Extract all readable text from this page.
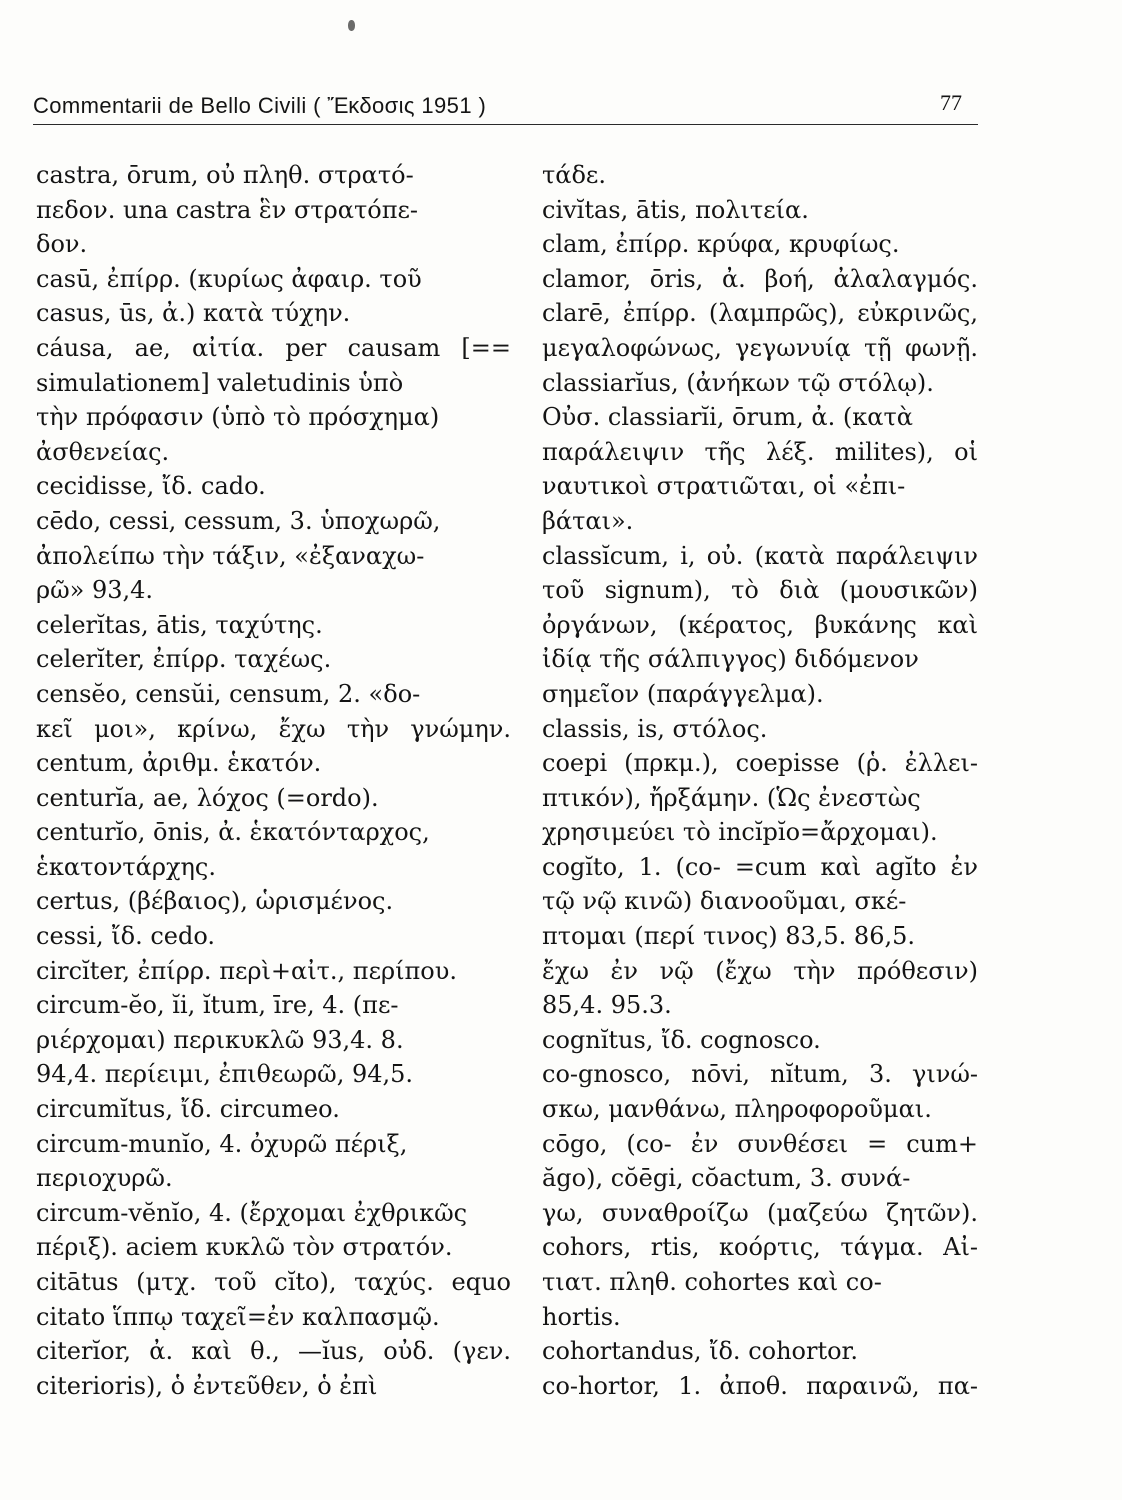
Commentarii de Bello Civili ( Ἔκδοσις 1951 )	77
castra, ōrum, οὐ πληθ. στρατό-
πεδον. una castra ἓν στρατόπε-
δον.
casū, ἐπίρρ. (κυρίως ἀφαιρ. τοῦ
casus, ūs, ἀ.) κατὰ τύχην.
cáusa, ae, αἰτία. per causam [==
simulationem] valetudinis ὑπὸ
τὴν πρόφασιν (ὑπὸ τὸ πρόσχημα)
ἀσθενείας.
cecidisse, ἴδ. cado.
cēdo, cessi, cessum, 3. ὑποχωρῶ,
ἀπολείπω τὴν τάξιν, «ἐξαναχω-
ρῶ» 93,4.
celerĭtas, ātis, ταχύτης.
celerĭter, ἐπίρρ. ταχέως.
censĕo, censŭi, censum, 2. «δο-
κεῖ μοι», κρίνω, ἔχω τὴν γνώμην.
centum, ἀριθμ. ἑκατόν.
centurĭa, ae, λόχος (=ordo).
centurĭo, ōnis, ἀ. ἑκατόνταρχος,
ἑκατοντάρχης.
certus, (βέβαιος), ὡρισμένος.
cessi, ἴδ. cedo.
circĭter, ἐπίρρ. περὶ+αἰτ., περίπου.
circum-ĕo, ĭi, ĭtum, īre, 4. (πε-
ριέρχομαι) περικυκλῶ 93,4. 8.
94,4. περίειμι, ἐπιθεωρῶ, 94,5.
circumĭtus, ἴδ. circumeo.
circum-munĭo, 4. ὀχυρῶ πέριξ,
περιοχυρῶ.
circum-vĕnĭo, 4. (ἔρχομαι ἐχθρικῶς
πέριξ). aciem κυκλῶ τὸν στρατόν.
citātus (μτχ. τοῦ cĭto), ταχύς. equo
citato ἵππῳ ταχεῖ=ἐν καλπασμῷ.
citerĭor, ἀ. καὶ θ., —ĭus, οὐδ. (γεν.
citerioris), ὁ ἐντεῦθεν, ὁ ἐπὶ
τάδε.
civĭtas, ātis, πολιτεία.
clam, ἐπίρρ. κρύφα, κρυφίως.
clamor, ōris, ἀ. βοή, ἀλαλαγμός.
clarē, ἐπίρρ. (λαμπρῶς), εὐκρινῶς,
μεγαλοφώνως, γεγωνυίᾳ τῇ φωνῇ.
classiarĭus, (ἀνήκων τῷ στόλῳ).
Οὐσ. classiarĭi, ōrum, ἀ. (κατὰ
παράλειψιν τῆς λέξ. milites), οἱ
ναυτικοὶ στρατιῶται, οἱ «ἐπι-
βάται».
classĭcum, i, οὐ. (κατὰ παράλειψιν
τοῦ signum), τὸ διὰ (μουσικῶν)
ὀργάνων, (κέρατος, βυκάνης καὶ
ἰδίᾳ τῆς σάλπιγγος) διδόμενον
σημεῖον (παράγγελμα).
classis, is, στόλος.
coepi (πρκμ.), coepisse (ῥ. ἐλλει-
πτικόν), ἤρξάμην. (Ὡς ἐνεστὼς
χρησιμεύει τὸ incĭpĭo=ἄρχομαι).
cogĭto, 1. (co- =cum καὶ agĭto ἐν
τῷ νῷ κινῶ) διανοοῦμαι, σκέ-
πτομαι (περί τινος) 83,5. 86,5.
ἔχω ἐν νῷ (ἔχω τὴν πρόθεσιν)
85,4. 95.3.
cognĭtus, ἴδ. cognosco.
co-gnosco, nōvi, nĭtum, 3. γινώ-
σκω, μανθάνω, πληροφοροῦμαι.
cōgo, (co- ἐν συνθέσει = cum+
ăgo), cŏēgi, cŏactum, 3. συνά-
γω, συναθροίζω (μαζεύω ζητῶν).
cohors, rtis, κοόρτις, τάγμα. Αἰ-
τιατ. πληθ. cohortes καὶ co-
hortis.
cohortandus, ἴδ. cohortor.
co-hortor, 1. ἀποθ. παραινῶ, πα-
